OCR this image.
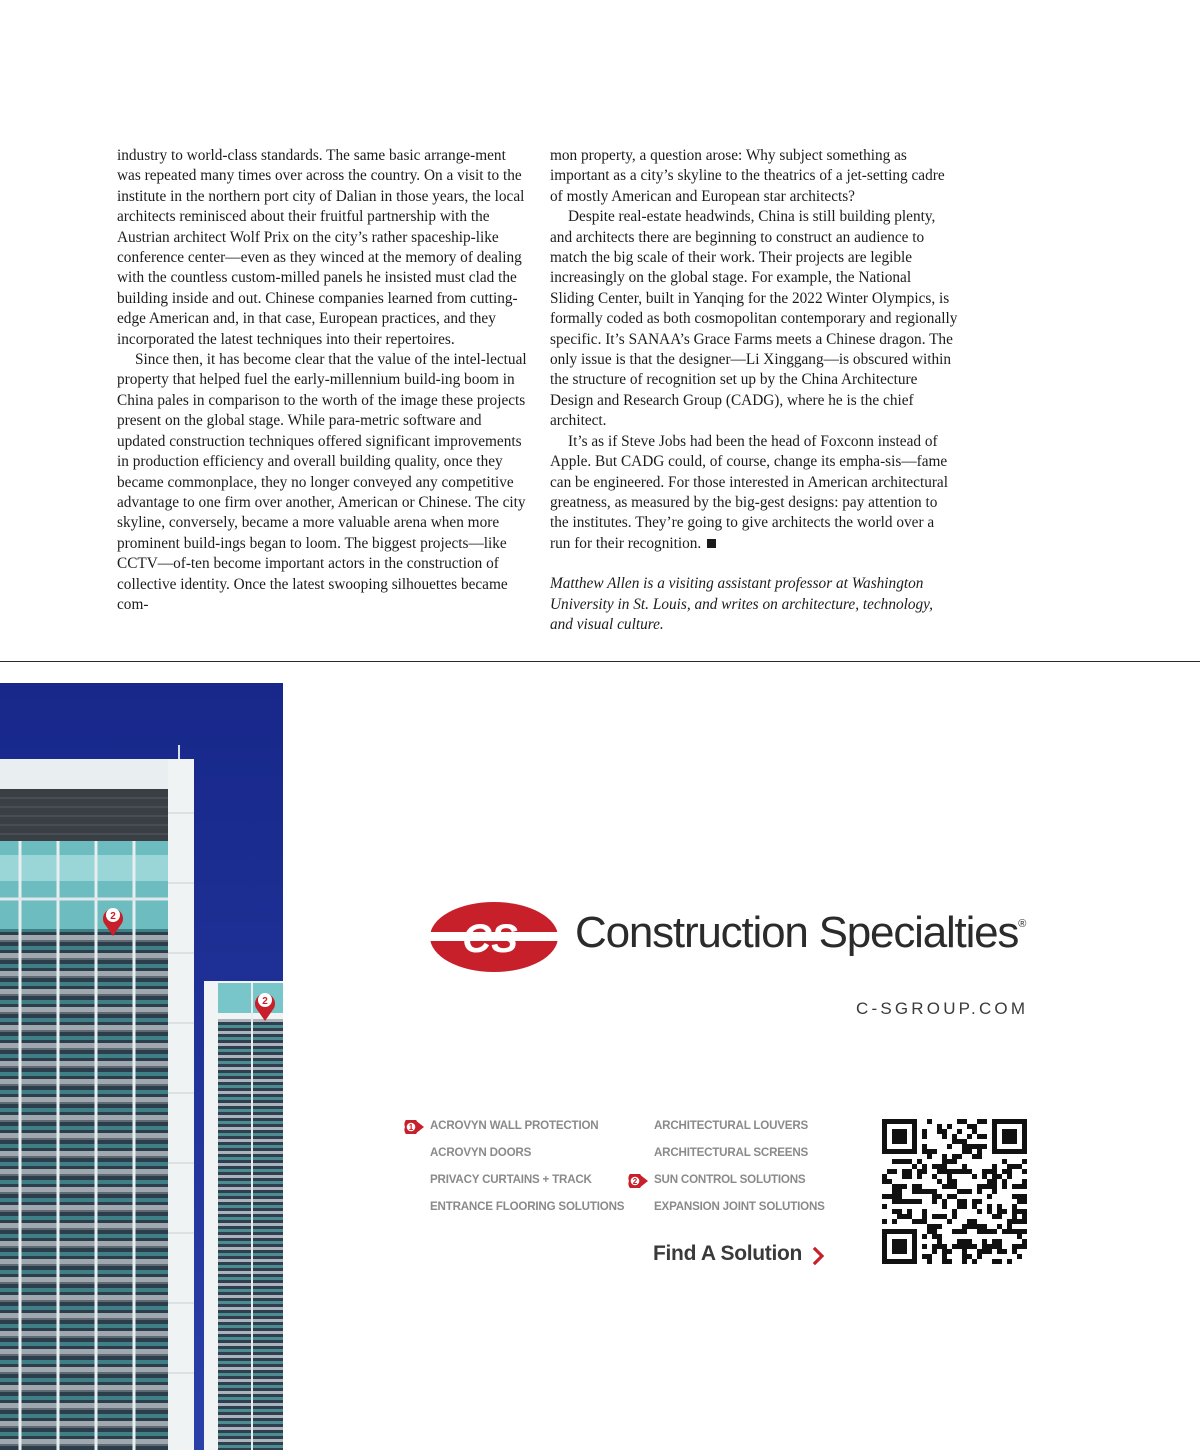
industry to world-class standards. The same basic arrange-ment was repeated many times over across the country. On a visit to the institute in the northern port city of Dalian in those years, the local architects reminisced about their fruitful partnership with the Austrian architect Wolf Prix on the city’s rather spaceship-like conference center—even as they winced at the memory of dealing with the countless custom-milled panels he insisted must clad the building inside and out. Chinese companies learned from cutting-edge American and, in that case, European practices, and they incorporated the latest techniques into their repertoires.

Since then, it has become clear that the value of the intel-lectual property that helped fuel the early-millennium build-ing boom in China pales in comparison to the worth of the image these projects present on the global stage. While para-metric software and updated construction techniques offered significant improvements in production efficiency and overall building quality, once they became commonplace, they no longer conveyed any competitive advantage to one firm over another, American or Chinese. The city skyline, conversely, became a more valuable arena when more prominent build-ings began to loom. The biggest projects—like CCTV—of-ten become important actors in the construction of collective identity. Once the latest swooping silhouettes became com-

mon property, a question arose: Why subject something as important as a city’s skyline to the theatrics of a jet-setting cadre of mostly American and European star architects?

Despite real-estate headwinds, China is still building plenty, and architects there are beginning to construct an audience to match the big scale of their work. Their projects are legible increasingly on the global stage. For example, the National Sliding Center, built in Yanqing for the 2022 Winter Olympics, is formally coded as both cosmopolitan contemporary and regionally specific. It’s SANAA’s Grace Farms meets a Chinese dragon. The only issue is that the designer—Li Xinggang—is obscured within the structure of recognition set up by the China Architecture Design and Research Group (CADG), where he is the chief architect.

It’s as if Steve Jobs had been the head of Foxconn instead of Apple. But CADG could, of course, change its empha-sis—fame can be engineered. For those interested in American architectural greatness, as measured by the big-gest designs: pay attention to the institutes. They’re going to give architects the world over a run for their recognition.

Matthew Allen is a visiting assistant professor at Washington University in St. Louis, and writes on architecture, technology, and visual culture.

2
2
CS Construction Specialties®
C-SGROUP.COM
Find A Solution
ACROVYN WALL PROTECTION
1
ACROVYN DOORS
PRIVACY CURTAINS + TRACK
ENTRANCE FLOORING SOLUTIONS
ARCHITECTURAL LOUVERS
ARCHITECTURAL SCREENS
SUN CONTROL SOLUTIONS
2
EXPANSION JOINT SOLUTIONS
